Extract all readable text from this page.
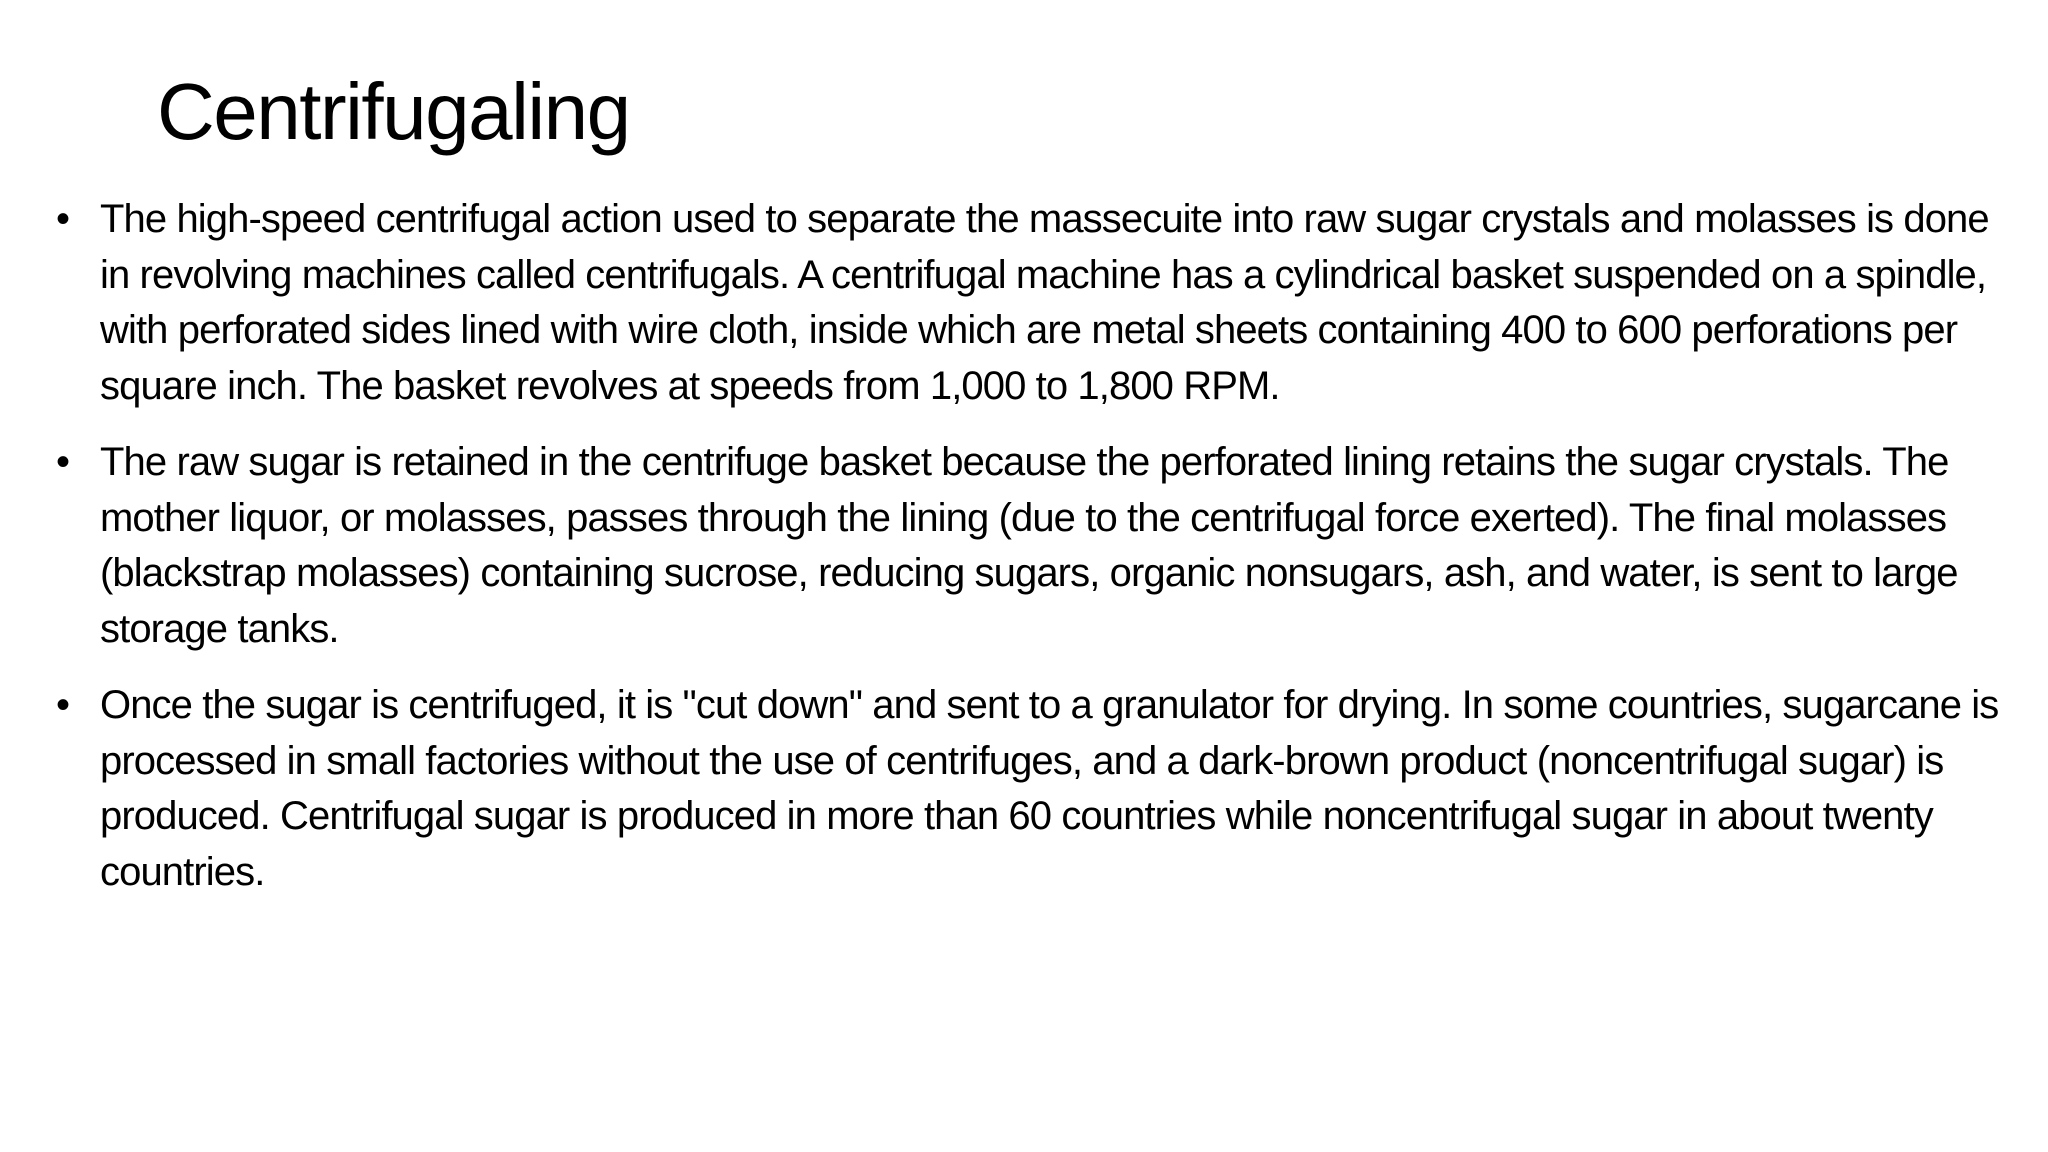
Centrifugaling
• The high-speed centrifugal action used to separate the massecuite into raw sugar crystals and molasses is done in revolving machines called centrifugals. A centrifugal machine has a cylindrical basket suspended on a spindle, with perforated sides lined with wire cloth, inside which are metal sheets containing 400 to 600 perforations per square inch. The basket revolves at speeds from 1,000 to 1,800 RPM.
• The raw sugar is retained in the centrifuge basket because the perforated lining retains the sugar crystals. The mother liquor, or molasses, passes through the lining (due to the centrifugal force exerted). The final molasses (blackstrap molasses) containing sucrose, reducing sugars, organic nonsugars, ash, and water, is sent to large storage tanks.
• Once the sugar is centrifuged, it is "cut down" and sent to a granulator for drying. In some countries, sugarcane is processed in small factories without the use of centrifuges, and a dark-brown product (noncentrifugal sugar) is produced. Centrifugal sugar is produced in more than 60 countries while noncentrifugal sugar in about twenty countries.
